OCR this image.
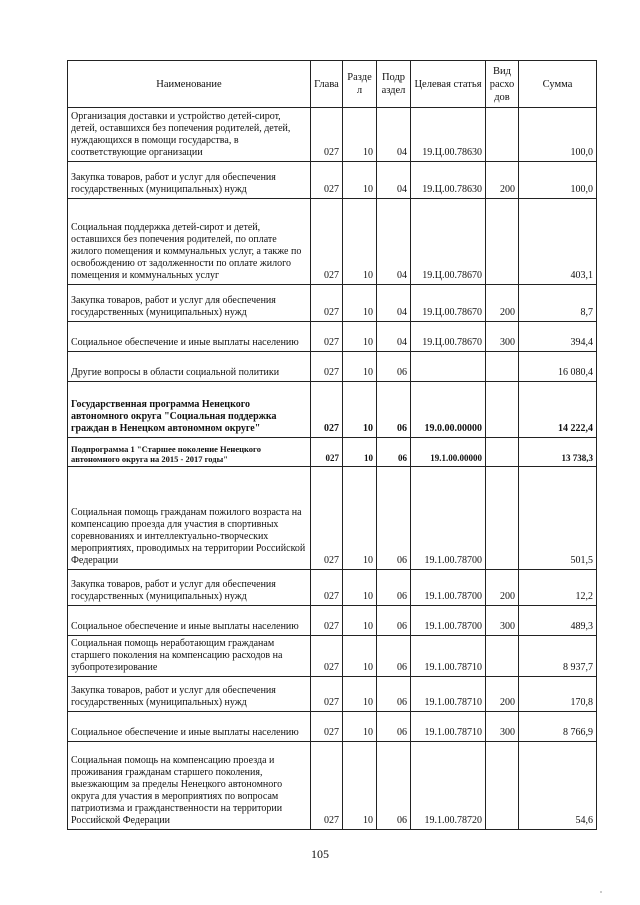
Наименование	Глава	Разде л	Подр аздел	Целевая статья	Вид расхо дов	Сумма
Организация доставки и устройство детей-сирот, детей, оставшихся без попечения родителей, детей, нуждающихся в помощи государства, в соответствующие организации	027	10	04	19.Ц.00.78630		100,0
Закупка товаров, работ и услуг для обеспечения государственных (муниципальных) нужд	027	10	04	19.Ц.00.78630	200	100,0
Социальная поддержка детей-сирот и детей, оставшихся без попечения родителей, по оплате жилого помещения и коммунальных услуг, а также по освобождению от задолженности по оплате жилого помещения и коммунальных услуг	027	10	04	19.Ц.00.78670		403,1
Закупка товаров, работ и услуг для обеспечения государственных (муниципальных) нужд	027	10	04	19.Ц.00.78670	200	8,7
Социальное обеспечение и иные выплаты населению	027	10	04	19.Ц.00.78670	300	394,4
Другие вопросы в области социальной политики	027	10	06			16 080,4
Государственная программа Ненецкого автономного округа "Социальная поддержка граждан в Ненецком автономном округе"	027	10	06	19.0.00.00000		14 222,4
Подпрограмма 1 "Старшее поколение Ненецкого автономного округа на 2015 - 2017 годы"	027	10	06	19.1.00.00000		13 738,3
Социальная помощь гражданам пожилого возраста на компенсацию проезда для участия в спортивных соревнованиях и интеллектуально-творческих мероприятиях, проводимых на территории Российской Федерации	027	10	06	19.1.00.78700		501,5
Закупка товаров, работ и услуг для обеспечения государственных (муниципальных) нужд	027	10	06	19.1.00.78700	200	12,2
Социальное обеспечение и иные выплаты населению	027	10	06	19.1.00.78700	300	489,3
Социальная помощь неработающим гражданам старшего поколения на компенсацию расходов на зубопротезирование	027	10	06	19.1.00.78710		8 937,7
Закупка товаров, работ и услуг для обеспечения государственных (муниципальных) нужд	027	10	06	19.1.00.78710	200	170,8
Социальное обеспечение и иные выплаты населению	027	10	06	19.1.00.78710	300	8 766,9
Социальная помощь на компенсацию проезда и проживания гражданам старшего поколения, выезжающим за пределы Ненецкого автономного округа для участия в мероприятиях по вопросам патриотизма и гражданственности на территории Российской Федерации	027	10	06	19.1.00.78720		54,6
105
